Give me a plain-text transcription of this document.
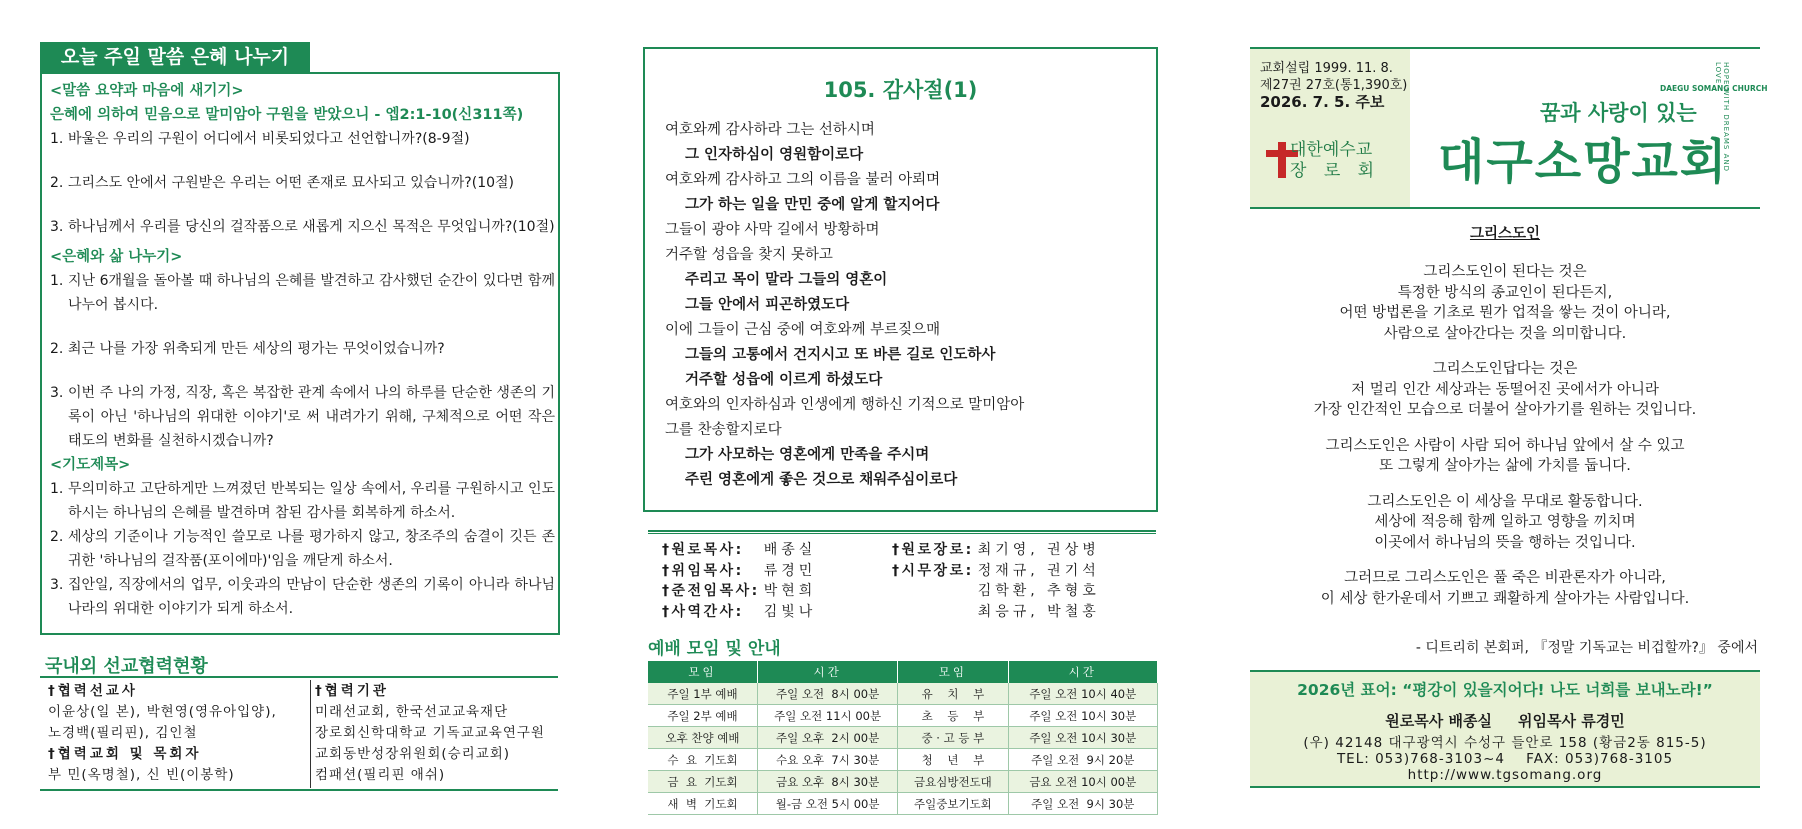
오늘 주일 말씀 은혜 나누기
<말씀 요약과 마음에 새기기>
은혜에 의하여 믿음으로 말미암아 구원을 받았으니 - 엡2:1-10(신311쪽)
1. 바울은 우리의 구원이 어디에서 비롯되었다고 선언합니까?(8-9절)
2. 그리스도 안에서 구원받은 우리는 어떤 존재로 묘사되고 있습니까?(10절)
3. 하나님께서 우리를 당신의 걸작품으로 새롭게 지으신 목적은 무엇입니까?(10절)
<은혜와 삶 나누기>
1. 지난 6개월을 돌아볼 때 하나님의 은혜를 발견하고 감사했던 순간이 있다면 함께 나누어 봅시다.
2. 최근 나를 가장 위축되게 만든 세상의 평가는 무엇이었습니까?
3. 이번 주 나의 가정, 직장, 혹은 복잡한 관계 속에서 나의 하루를 단순한 생존의 기록이 아닌 '하나님의 위대한 이야기'로 써 내려가기 위해, 구체적으로 어떤 작은 태도의 변화를 실천하시겠습니까?
<기도제목>
1. 무의미하고 고단하게만 느껴졌던 반복되는 일상 속에서, 우리를 구원하시고 인도하시는 하나님의 은혜를 발견하며 참된 감사를 회복하게 하소서.
2. 세상의 기준이나 기능적인 쓸모로 나를 평가하지 않고, 창조주의 숨결이 깃든 존귀한 '하나님의 걸작품(포이에마)'임을 깨닫게 하소서.
3. 집안일, 직장에서의 업무, 이웃과의 만남이 단순한 생존의 기록이 아니라 하나님 나라의 위대한 이야기가 되게 하소서.
국내외 선교협력현황
†협력선교사
이윤상(일 본), 박현영(영유아입양),
노경백(필리핀), 김인철
†협력교회 및 목회자
부 민(옥명철), 신 빈(이봉학)
†협력기관
미래선교회, 한국선교교육재단
장로회신학대학교 기독교교육연구원
교회동반성장위원회(승리교회)
컴패션(필리핀 애쉬)
105. 감사절(1)
여호와께 감사하라 그는 선하시며
그 인자하심이 영원함이로다
여호와께 감사하고 그의 이름을 불러 아뢰며
그가 하는 일을 만민 중에 알게 할지어다
그들이 광야 사막 길에서 방황하며
거주할 성읍을 찾지 못하고
주리고 목이 말라 그들의 영혼이
그들 안에서 피곤하였도다
이에 그들이 근심 중에 여호와께 부르짖으매
그들의 고통에서 건지시고 또 바른 길로 인도하사
거주할 성읍에 이르게 하셨도다
여호와의 인자하심과 인생에게 행하신 기적으로 말미암아
그를 찬송할지로다
그가 사모하는 영혼에게 만족을 주시며
주린 영혼에게 좋은 것으로 채워주심이로다
†원로목사:	배종실
†위임목사:	류경민
†준전임목사:	박현희
†사역간사:	김빛나
†원로장로:	최기영, 권상병
†시무장로:	정재규, 권기석
	김학환, 추형호
	최응규, 박철홍
예배 모임 및 안내
모임	시간	모임	시간
주일 1부 예배	주일 오전  8시 00분	유    치    부	주일 오전 10시 40분
주일 2부 예배	주일 오전 11시 00분	초    등    부	주일 오전 10시 30분
오후 찬양 예배	주일 오후  2시 00분	중 · 고 등 부	주일 오전 10시 30분
수  요  기도회	수요 오후  7시 30분	청    년    부	주일 오전  9시 20분
금  요  기도회	금요 오후  8시 30분	금요심방전도대	금요 오전 10시 00분
새  벽  기도회	월-금 오전 5시 00분	주일중보기도회	주일 오전  9시 30분
교회설립 1999. 11. 8.
제27권 27호(통1,390호)
2026. 7. 5. 주보
대한예수교
장 로 회
DAEGU SOMANG CHURCH
꿈과 사랑이 있는
대구소망교회
HOPE WITH DREAMS AND LOVE
그리스도인
그리스도인이 된다는 것은
특정한 방식의 종교인이 된다든지,
어떤 방법론을 기초로 뭔가 업적을 쌓는 것이 아니라,
사람으로 살아간다는 것을 의미합니다.
그리스도인답다는 것은
저 멀리 인간 세상과는 동떨어진 곳에서가 아니라
가장 인간적인 모습으로 더불어 살아가기를 원하는 것입니다.
그리스도인은 사람이 사람 되어 하나님 앞에서 살 수 있고
또 그렇게 살아가는 삶에 가치를 둡니다.
그리스도인은 이 세상을 무대로 활동합니다.
세상에 적응해 함께 일하고 영향을 끼치며
이곳에서 하나님의 뜻을 행하는 것입니다.
그러므로 그리스도인은 풀 죽은 비관론자가 아니라,
이 세상 한가운데서 기쁘고 쾌활하게 살아가는 사람입니다.
- 디트리히 본회퍼, 『정말 기독교는 비겁할까?』 중에서
2026년 표어: “평강이 있을지어다! 나도 너희를 보내노라!”
원로목사 배종실     위임목사 류경민
(우) 42148 대구광역시 수성구 들안로 158 (황금2동 815-5)
TEL: 053)768-3103~4    FAX: 053)768-3105
http://www.tgsomang.org
